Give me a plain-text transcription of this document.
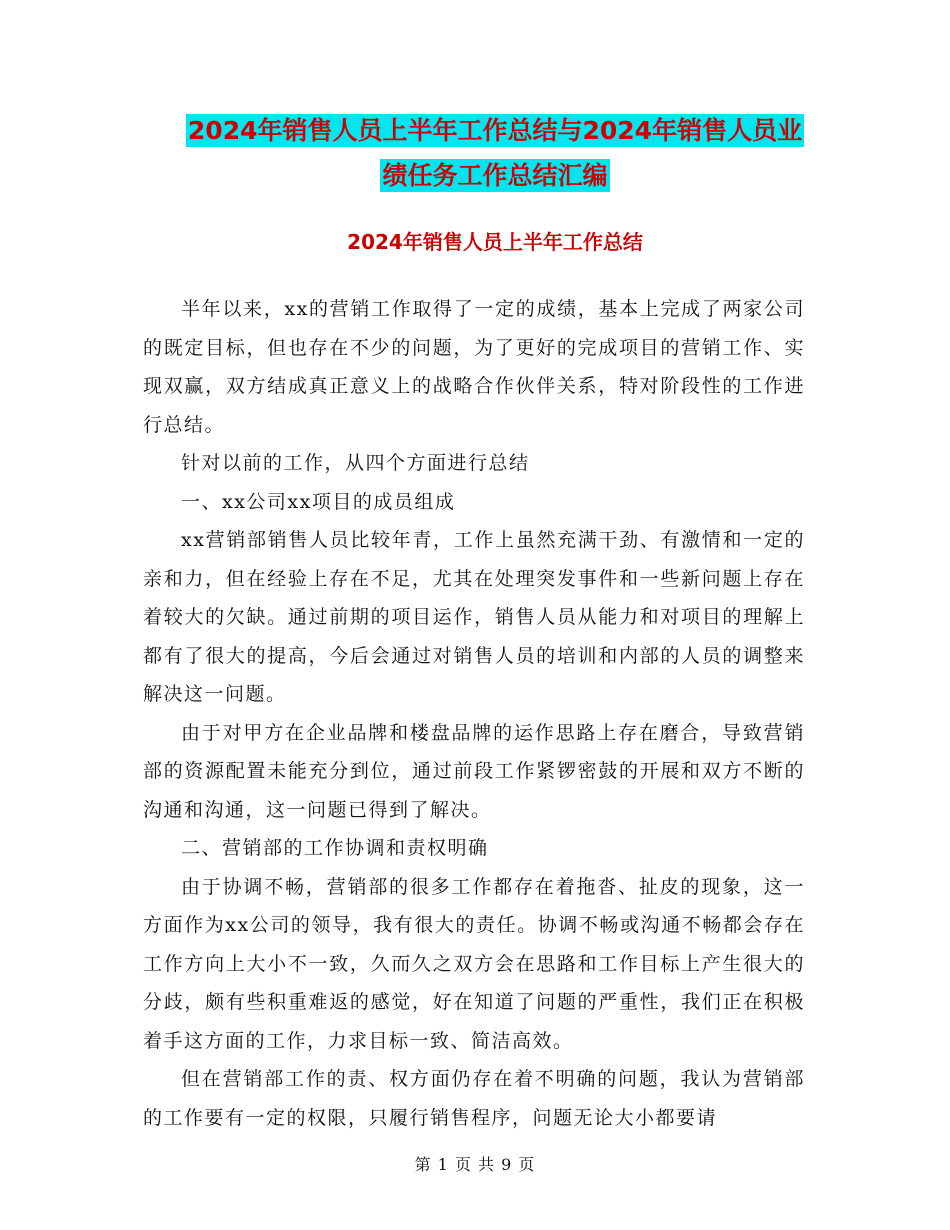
2024年销售人员上半年工作总结与2024年销售人员业
绩任务工作总结汇编
2024年销售人员上半年工作总结

半年以来，xx的营销工作取得了一定的成绩，基本上完成了两家公司的既定目标，但也存在不少的问题，为了更好的完成项目的营销工作、实现双赢，双方结成真正意义上的战略合作伙伴关系，特对阶段性的工作进行总结。

针对以前的工作，从四个方面进行总结

一、xx公司xx项目的成员组成

xx营销部销售人员比较年青，工作上虽然充满干劲、有激情和一定的亲和力，但在经验上存在不足，尤其在处理突发事件和一些新问题上存在着较大的欠缺。通过前期的项目运作，销售人员从能力和对项目的理解上都有了很大的提高，今后会通过对销售人员的培训和内部的人员的调整来解决这一问题。

由于对甲方在企业品牌和楼盘品牌的运作思路上存在磨合，导致营销部的资源配置未能充分到位，通过前段工作紧锣密鼓的开展和双方不断的沟通和沟通，这一问题已得到了解决。

二、营销部的工作协调和责权明确

由于协调不畅，营销部的很多工作都存在着拖沓、扯皮的现象，这一方面作为xx公司的领导，我有很大的责任。协调不畅或沟通不畅都会存在工作方向上大小不一致，久而久之双方会在思路和工作目标上产生很大的分歧，颇有些积重难返的感觉，好在知道了问题的严重性，我们正在积极着手这方面的工作，力求目标一致、简洁高效。

但在营销部工作的责、权方面仍存在着不明确的问题，我认为营销部的工作要有一定的权限，只履行销售程序，问题无论大小都要请

第 1 页 共 9 页
